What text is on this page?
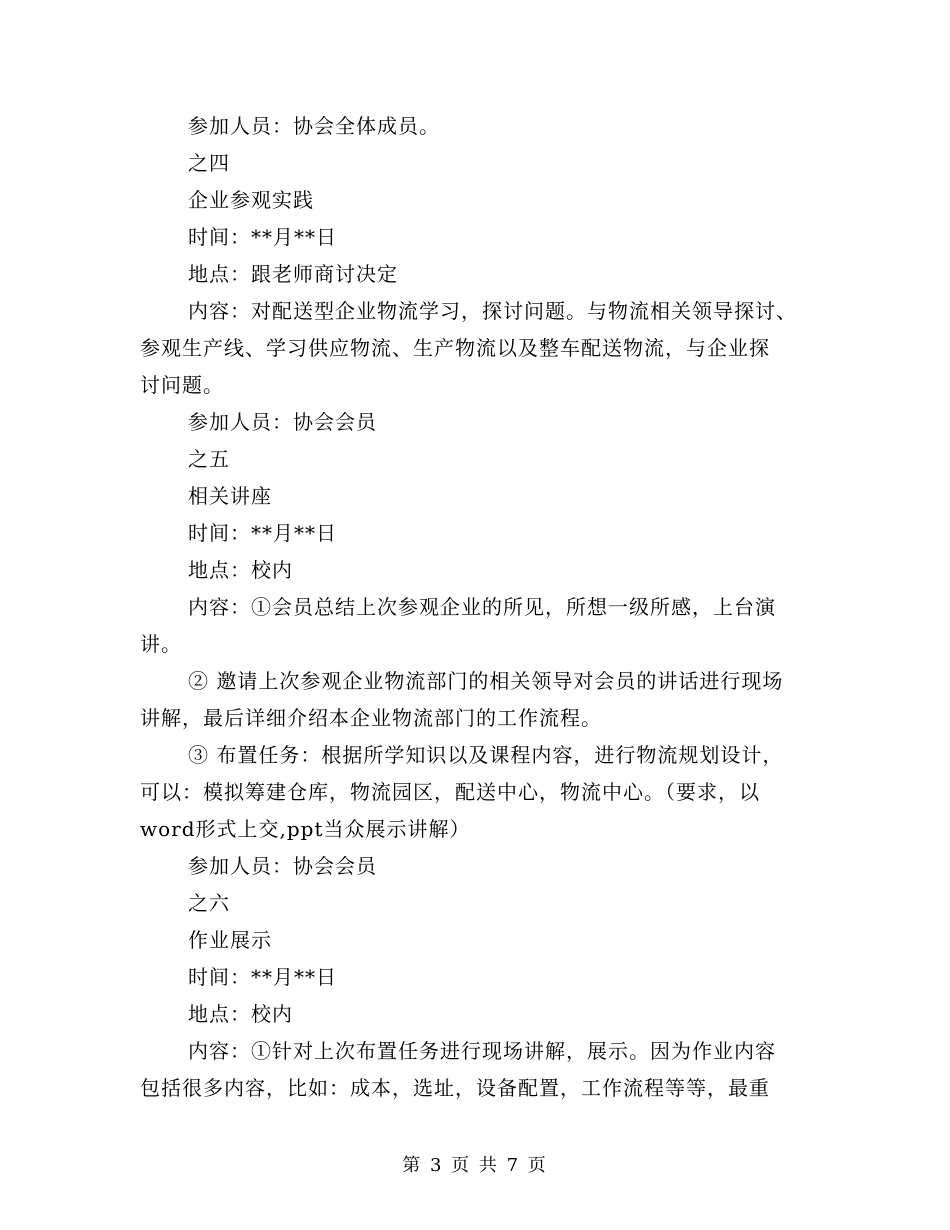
参加人员：协会全体成员。
之四
企业参观实践
时间：**月**日
地点：跟老师商讨决定
内容：对配送型企业物流学习，探讨问题。与物流相关领导探讨、
参观生产线、学习供应物流、生产物流以及整车配送物流，与企业探
讨问题。
参加人员：协会会员
之五
相关讲座
时间：**月**日
地点：校内
内容：①会员总结上次参观企业的所见，所想一级所感，上台演
讲。
② 邀请上次参观企业物流部门的相关领导对会员的讲话进行现场
讲解，最后详细介绍本企业物流部门的工作流程。
③ 布置任务：根据所学知识以及课程内容，进行物流规划设计，
可以：模拟筹建仓库，物流园区，配送中心，物流中心。（要求，以
word形式上交,ppt当众展示讲解）
参加人员：协会会员
之六
作业展示
时间：**月**日
地点：校内
内容：①针对上次布置任务进行现场讲解，展示。因为作业内容
包括很多内容，比如：成本，选址，设备配置，工作流程等等，最重
第 3 页 共 7 页
